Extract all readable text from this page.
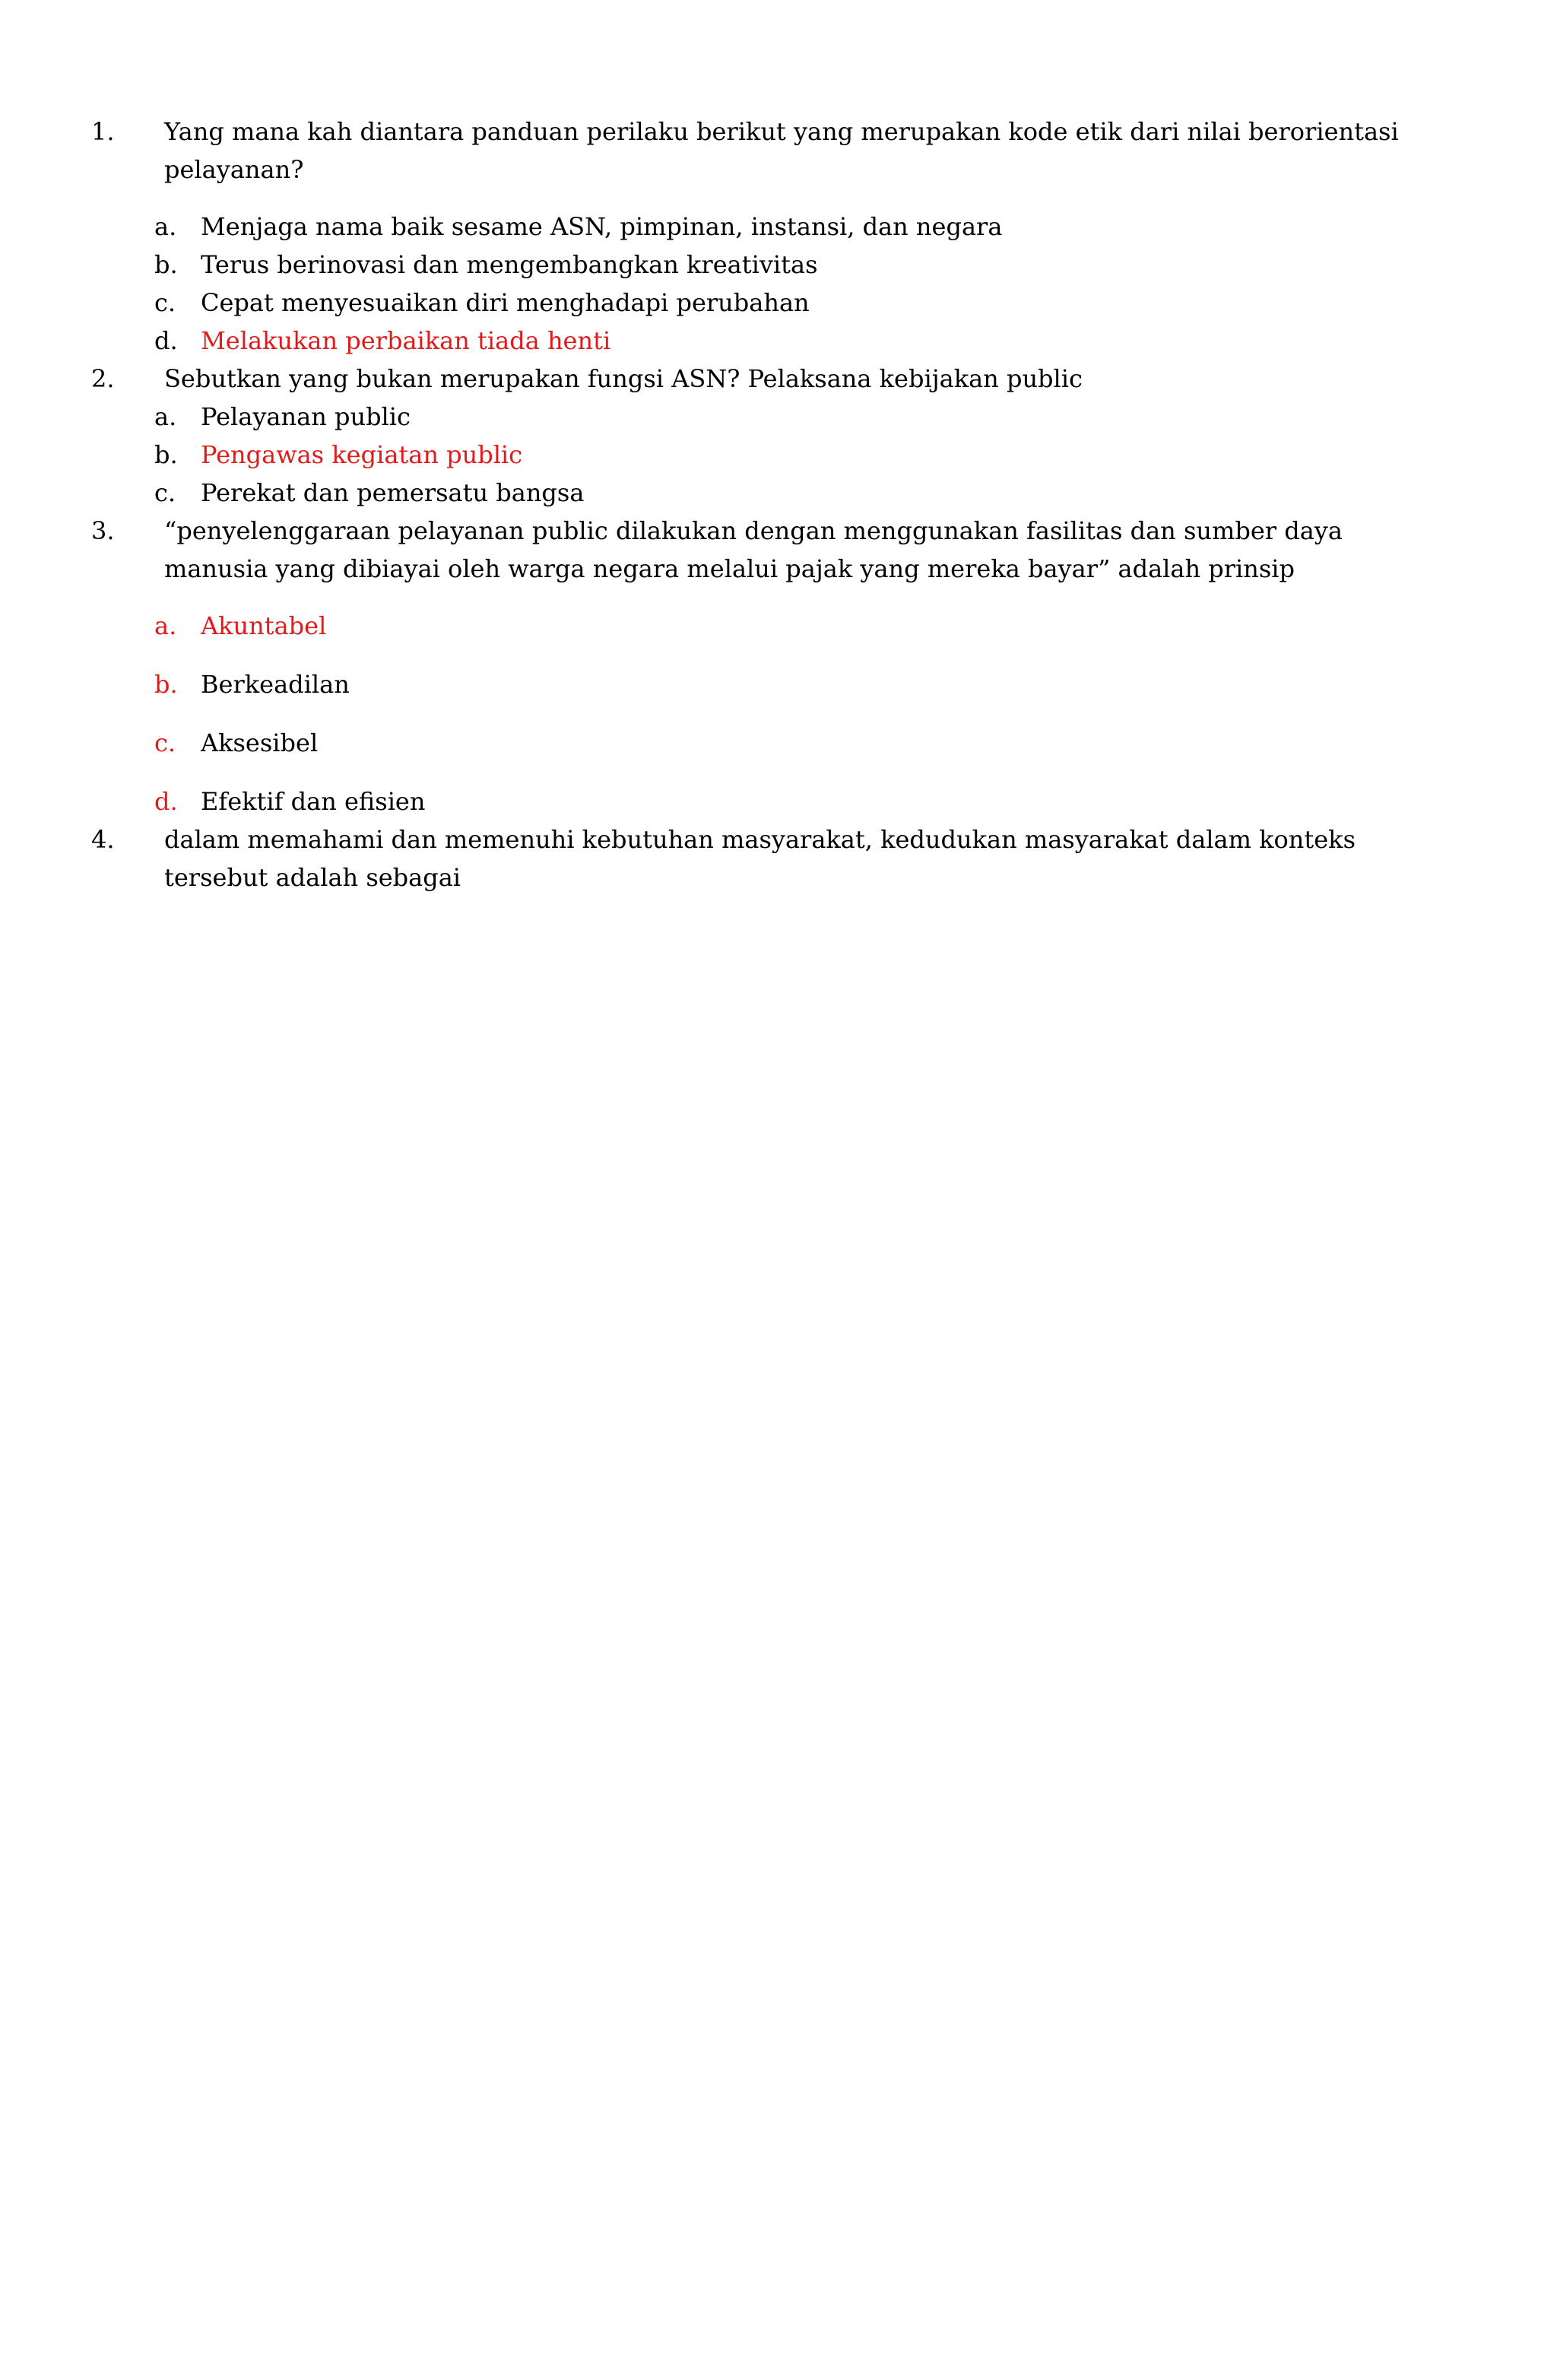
1. Yang mana kah diantara panduan perilaku berikut yang merupakan kode etik dari nilai berorientasi pelayanan?
a. Menjaga nama baik sesame ASN, pimpinan, instansi, dan negara
b. Terus berinovasi dan mengembangkan kreativitas
c. Cepat menyesuaikan diri menghadapi perubahan
d. Melakukan perbaikan tiada henti
2. Sebutkan yang bukan merupakan fungsi ASN? Pelaksana kebijakan public
a. Pelayanan public
b. Pengawas kegiatan public
c. Perekat dan pemersatu bangsa
3. “penyelenggaraan pelayanan public dilakukan dengan menggunakan fasilitas dan sumber daya manusia yang dibiayai oleh warga negara melalui pajak yang mereka bayar” adalah prinsip
a. Akuntabel
b. Berkeadilan
c. Aksesibel
d. Efektif dan efisien
4. dalam memahami dan memenuhi kebutuhan masyarakat, kedudukan masyarakat dalam konteks tersebut adalah sebagai
